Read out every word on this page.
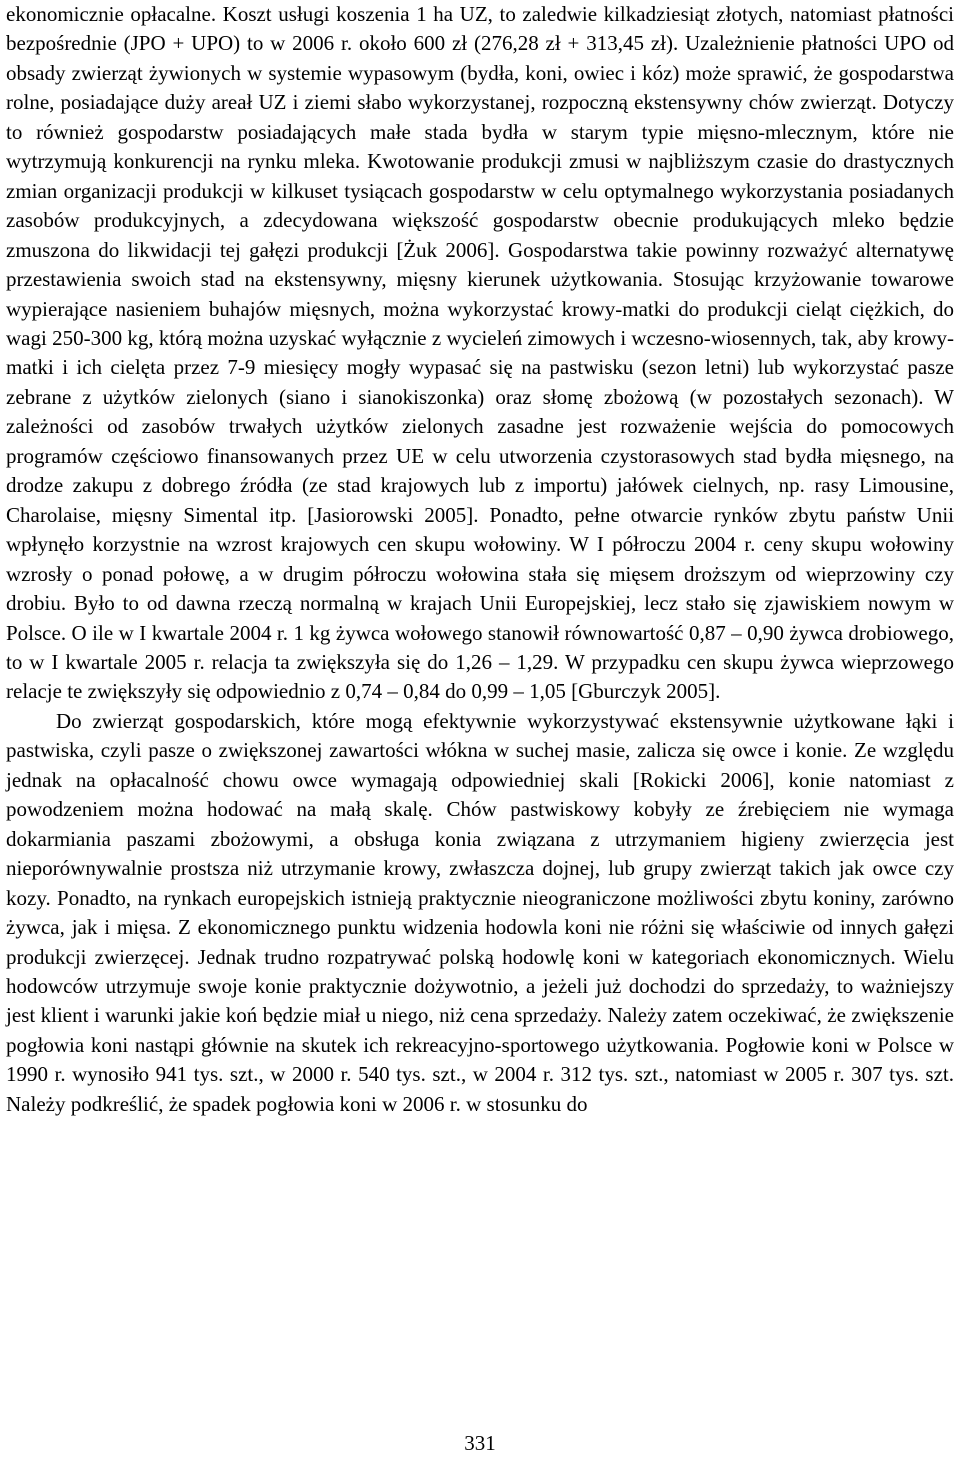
ekonomicznie opłacalne. Koszt usługi koszenia 1 ha UZ, to zaledwie kilkadziesiąt złotych, natomiast płatności bezpośrednie (JPO + UPO) to w 2006 r. około 600 zł (276,28 zł + 313,45 zł). Uzależnienie płatności UPO od obsady zwierząt żywionych w systemie wypasowym (bydła, koni, owiec i kóz) może sprawić, że gospodarstwa rolne, posiadające duży areał UZ i ziemi słabo wykorzystanej, rozpoczną ekstensywny chów zwierząt. Dotyczy to również gospodarstw posiadających małe stada bydła w starym typie mięsno-mlecznym, które nie wytrzymują konkurencji na rynku mleka. Kwotowanie produkcji zmusi w najbliższym czasie do drastycznych zmian organizacji produkcji w kilkuset tysiącach gospodarstw w celu optymalnego wykorzystania posiadanych zasobów produkcyjnych, a zdecydowana większość gospodarstw obecnie produkujących mleko będzie zmuszona do likwidacji tej gałęzi produkcji [Żuk 2006]. Gospodarstwa takie powinny rozważyć alternatywę przestawienia swoich stad na ekstensywny, mięsny kierunek użytkowania. Stosując krzyżowanie towarowe wypierające nasieniem buhajów mięsnych, można wykorzystać krowy-matki do produkcji cieląt ciężkich, do wagi 250-300 kg, którą można uzyskać wyłącznie z wycieleń zimowych i wczesno-wiosennych, tak, aby krowy-matki i ich cielęta przez 7-9 miesięcy mogły wypasać się na pastwisku (sezon letni) lub wykorzystać pasze zebrane z użytków zielonych (siano i sianokiszonka) oraz słomę zbożową (w pozostałych sezonach). W zależności od zasobów trwałych użytków zielonych zasadne jest rozważenie wejścia do pomocowych programów częściowo finansowanych przez UE w celu utworzenia czystorasowych stad bydła mięsnego, na drodze zakupu z dobrego źródła (ze stad krajowych lub z importu) jałówek cielnych, np. rasy Limousine, Charolaise, mięsny Simental itp. [Jasiorowski 2005]. Ponadto, pełne otwarcie rynków zbytu państw Unii wpłynęło korzystnie na wzrost krajowych cen skupu wołowiny. W I półroczu 2004 r. ceny skupu wołowiny wzrosły o ponad połowę, a w drugim półroczu wołowina stała się mięsem droższym od wieprzowiny czy drobiu. Było to od dawna rzeczą normalną w krajach Unii Europejskiej, lecz stało się zjawiskiem nowym w Polsce. O ile w I kwartale 2004 r. 1 kg żywca wołowego stanowił równowartość 0,87 – 0,90 żywca drobiowego, to w I kwartale 2005 r. relacja ta zwiększyła się do 1,26 – 1,29. W przypadku cen skupu żywca wieprzowego relacje te zwiększyły się odpowiednio z 0,74 – 0,84 do 0,99 – 1,05 [Gburczyk 2005].

Do zwierząt gospodarskich, które mogą efektywnie wykorzystywać ekstensywnie użytkowane łąki i pastwiska, czyli pasze o zwiększonej zawartości włókna w suchej masie, zalicza się owce i konie. Ze względu jednak na opłacalność chowu owce wymagają odpowiedniej skali [Rokicki 2006], konie natomiast z powodzeniem można hodować na małą skalę. Chów pastwiskowy kobyły ze źrebięciem nie wymaga dokarmiania paszami zbożowymi, a obsługa konia związana z utrzymaniem higieny zwierzęcia jest nieporównywalnie prostsza niż utrzymanie krowy, zwłaszcza dojnej, lub grupy zwierząt takich jak owce czy kozy. Ponadto, na rynkach europejskich istnieją praktycznie nieograniczone możliwości zbytu koniny, zarówno żywca, jak i mięsa. Z ekonomicznego punktu widzenia hodowla koni nie różni się właściwie od innych gałęzi produkcji zwierzęcej. Jednak trudno rozpatrywać polską hodowlę koni w kategoriach ekonomicznych. Wielu hodowców utrzymuje swoje konie praktycznie dożywotnio, a jeżeli już dochodzi do sprzedaży, to ważniejszy jest klient i warunki jakie koń będzie miał u niego, niż cena sprzedaży. Należy zatem oczekiwać, że zwiększenie pogłowia koni nastąpi głównie na skutek ich rekreacyjno-sportowego użytkowania. Pogłowie koni w Polsce w 1990 r. wynosiło 941 tys. szt., w 2000 r. 540 tys. szt., w 2004 r. 312 tys. szt., natomiast w 2005 r. 307 tys. szt. Należy podkreślić, że spadek pogłowia koni w 2006 r. w stosunku do

331
